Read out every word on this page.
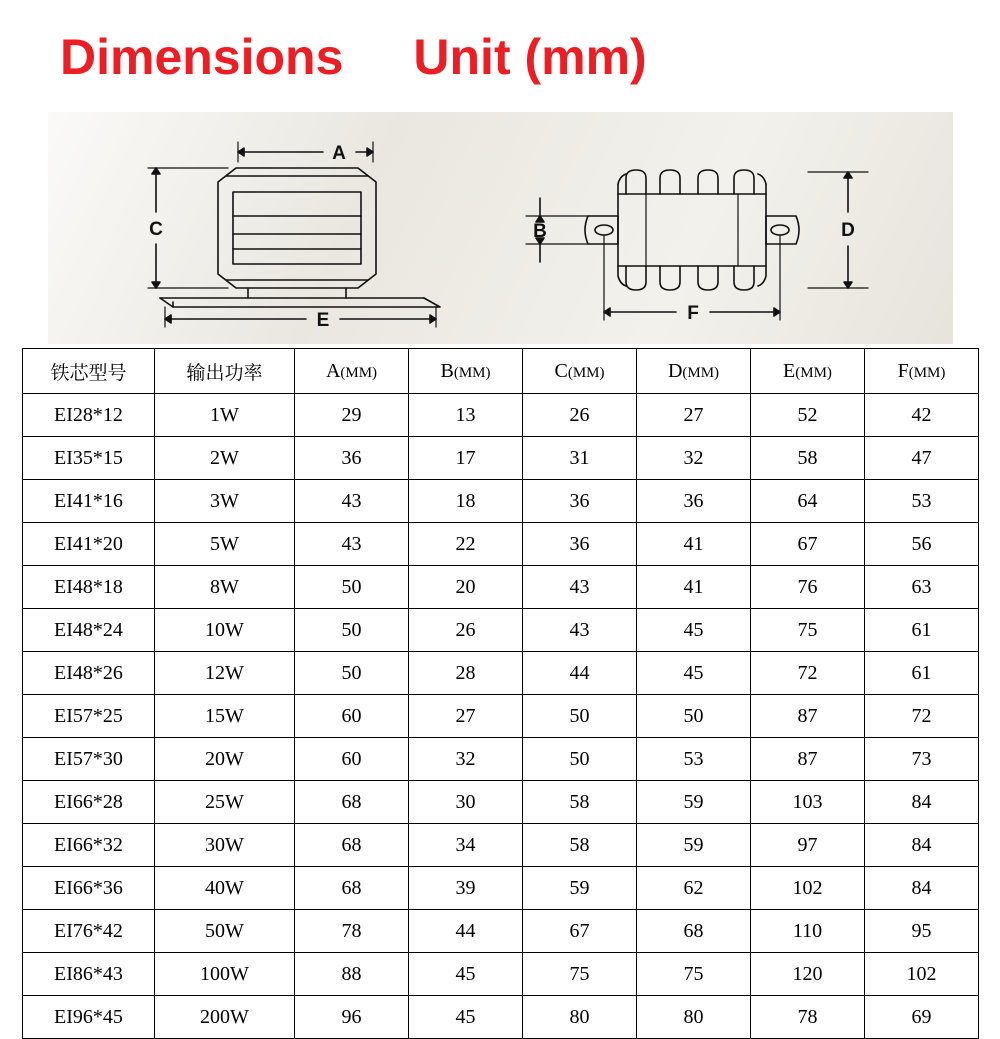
Dimensions Unit (mm)
A
C
E
B	D
F
铁芯型号	输出功率	A(MM)	B(MM)	C(MM)	D(MM)	E(MM)	F(MM)
EI28*12	1W	29	13	26	27	52	42
EI35*15	2W	36	17	31	32	58	47
EI41*16	3W	43	18	36	36	64	53
EI41*20	5W	43	22	36	41	67	56
EI48*18	8W	50	20	43	41	76	63
EI48*24	10W	50	26	43	45	75	61
EI48*26	12W	50	28	44	45	72	61
EI57*25	15W	60	27	50	50	87	72
EI57*30	20W	60	32	50	53	87	73
EI66*28	25W	68	30	58	59	103	84
EI66*32	30W	68	34	58	59	97	84
EI66*36	40W	68	39	59	62	102	84
EI76*42	50W	78	44	67	68	110	95
EI86*43	100W	88	45	75	75	120	102
EI96*45	200W	96	45	80	80	78	69
